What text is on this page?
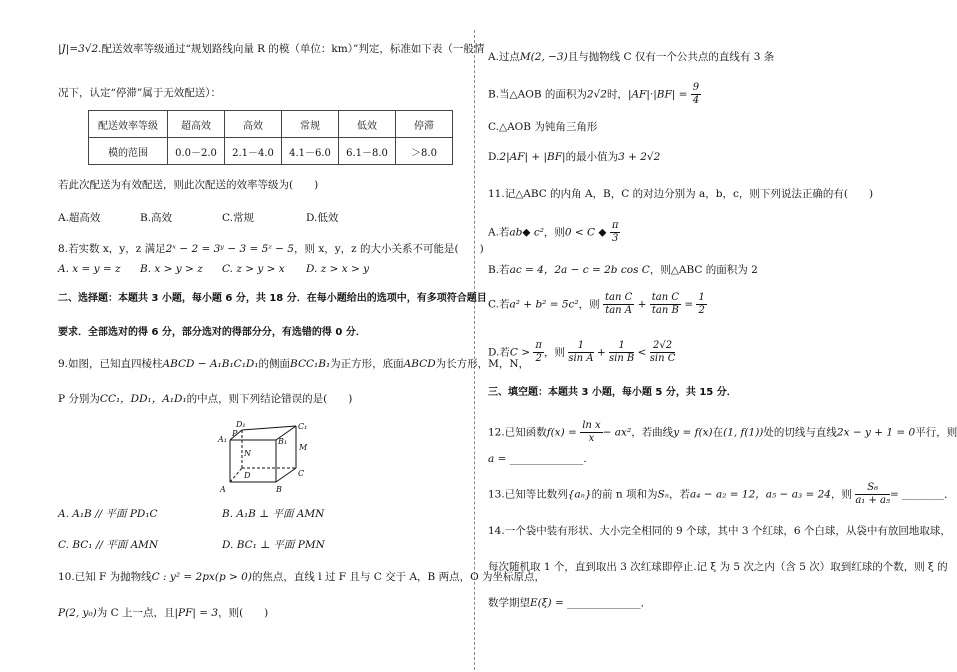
|J|=3√2.配送效率等级通过“规划路线向量 R 的模（单位：km）”判定，标准如下表（一般情
况下，认定“停滞”属于无效配送）：
配送效率等级	超高效	高效	常规	低效	停滞
模的范围	0.0－2.0	2.1－4.0	4.1－6.0	6.1－8.0	＞8.0
若此次配送为有效配送，则此次配送的效率等级为(　　)
A.超高效	B.高效	C.常规	D.低效
8.若实数 x，y，z 满足2ˣ − 2 = 3ʸ − 3 = 5ᶻ − 5，则 x，y，z 的大小关系不可能是(　　)
A. x = y = z B. x > y > z C. z > y > x D. z > x > y
二、选择题：本题共 3 小题，每小题 6 分，共 18 分．在每小题给出的选项中，有多项符合题目
要求．全部选对的得 6 分，部分选对的得部分分，有选错的得 0 分．
9.如图，已知直四棱柱ABCD − A₁B₁C₁D₁的侧面BCC₁B₁为正方形，底面ABCD为长方形，M，N，
P 分别为CC₁，DD₁，A₁D₁的中点，则下列结论错误的是(　　)
D₁	C₁
A₁	B₁
P
N
M
D	C
A	B
A. A₁B // 平面 PD₁C	B. A₁B ⊥ 平面 AMN
C. BC₁ // 平面 AMN	D. BC₁ ⊥ 平面 PMN
10.已知 F 为抛物线C : y² = 2px(p > 0)的焦点，直线 l 过 F 且与 C 交于 A，B 两点，O 为坐标原点，
P(2, y₀)为 C 上一点，且|PF| = 3，则(　　)
A.过点M(2, −3)且与抛物线 C 仅有一个公共点的直线有 3 条
B.当△AOB 的面积为2√2时，$|AF|\cdot|BF| = \frac{9}{4}$
C.△AOB 为钝角三角形
D.2|AF| + |BF|的最小值为3 + 2√2
11.记△ABC 的内角 A，B，C 的对边分别为 a，b，c，则下列说法正确的有(　　)
A.若ab◆ c²，则0 < C ◆ $\frac{\pi}{3}$
B.若ac = 4，2a − c = 2b cos C，则△ABC 的面积为 2
C.若a² + b² = 5c²，则 $\frac{\text{tan C}}{\text{tan A}} + \frac{\text{tan C}}{\text{tan B}} = \frac{1}{2}$
D.若$C > \frac{\pi}{2}$ ，则 $\frac{1}{\text{sin A}} + \frac{1}{\text{sin B}} < \frac{2√2}{\text{sin C}}$
三、填空题：本题共 3 小题，每小题 5 分，共 15 分．
12.已知函数$f(x) = \frac{\text{ln x}}{x} - ax^2$，若曲线y = f(x)在(1, f(1))处的切线与直线2x − y + 1 = 0平行，则
a = ______________．
13.已知等比数列{aₙ}的前 n 项和为Sₙ，若a₄ − a₂ = 12，a₅ − a₃ = 24，则 $\frac{\text{S₆}}{\text{a₁ + a₅}}$ = ________．
14.一个袋中装有形状、大小完全相同的 9 个球，其中 3 个红球，6 个白球，从袋中有放回地取球，
每次随机取 1 个，直到取出 3 次红球即停止.记 ξ 为 5 次之内（含 5 次）取到红球的个数，则 ξ 的
数学期望E(ξ) = ______________．
